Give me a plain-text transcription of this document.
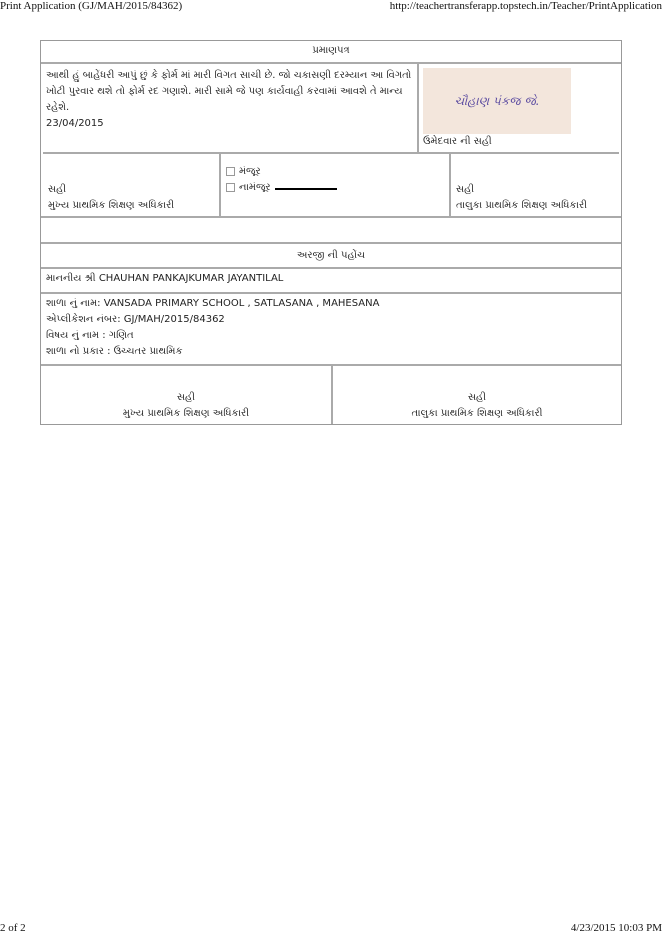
Print Application (GJ/MAH/2015/84362)	http://teachertransferapp.topstech.in/Teacher/PrintApplication
પ્રમાણપત્ર
આથી હું બાહેંધરી આપું છું કે ફોર્મ માં મારી વિગત સાચી છે. જો ચકાસણી દરમ્યાન આ વિગતો ખોટી પુરવાર થશે તો ફોર્મ રદ ગણાશે. મારી સામે જે પણ કાર્યવાહી કરવામાં આવશે તે માન્ય રહેશે.
23/04/2015
ચૌહાણ પંકજ જે.
ઉમેદવાર ની સહી
સહી
મુખ્ય પ્રાથમિક શિક્ષણ અધિકારી
મંજૂર
નામંજૂર	સહી
તાલુકા પ્રાથમિક શિક્ષણ અધિકારી
અરજી ની પહોંચ
માનનીય શ્રી CHAUHAN PANKAJKUMAR JAYANTILAL
શાળા નું નામ: VANSADA PRIMARY SCHOOL , SATLASANA , MAHESANA
એપ્લીકેશન નંબર: GJ/MAH/2015/84362
વિષય નું નામ : ગણિત
શાળા નો પ્રકાર : ઉચ્ચતર પ્રાથમિક
સહી
મુખ્ય પ્રાથમિક શિક્ષણ અધિકારી
સહી
તાલુકા પ્રાથમિક શિક્ષણ અધિકારી
2 of 2	4/23/2015 10:03 PM
